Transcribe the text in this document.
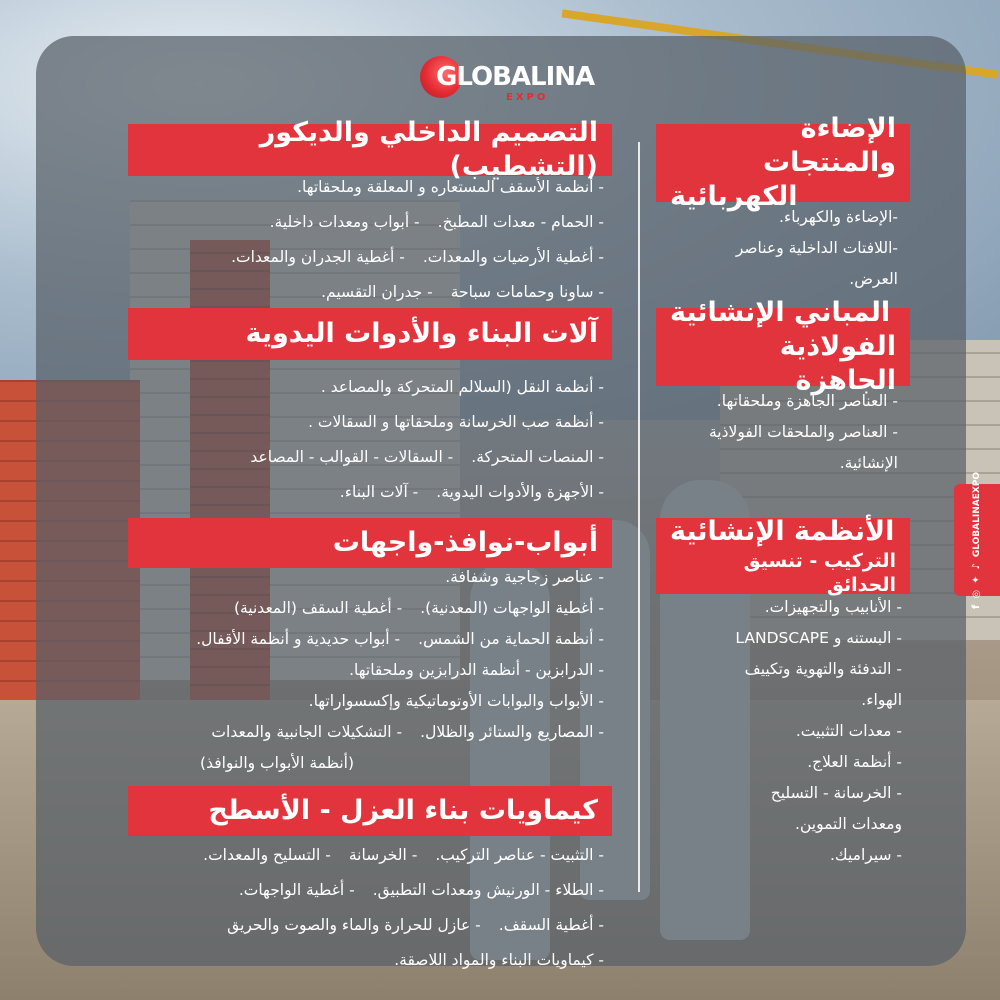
GLOBALINA
EXPO
الإضاءة والمنتجات
الكهربائية
-الإضاءة والكهرباء.
-اللافتات الداخلية وعناصر
العرض.
المباني الإنشائية
الفولاذية الجاهزة
- العناصر الجاهزة وملحقاتها.
- العناصر والملحقات الفولاذية
الإنشائية.
الأنظمة الإنشائية
التركيب - تنسيق الحدائق
- الأنابيب والتجهيزات.
- البستنه و LANDSCAPE
- التدفئة والتهوية وتكييف
الهواء.
- معدات التثبيت.
- أنظمة العلاج.
- الخرسانة - التسليح
ومعدات التموين.
- سيراميك.
التصميم الداخلي والديكور (التشطيب)
- أنظمة الأسقف المستعاره و المعلقة وملحقاتها.
- الحمام - معدات المطبخ.- أبواب ومعدات داخلية.
- أغطية الأرضيات والمعدات.- أغطية الجدران والمعدات.
- ساونا وحمامات سباحة- جدران التقسيم.
آلات البناء والأدوات اليدوية
- أنظمة النقل (السلالم المتحركة والمصاعد .
- أنظمة صب الخرسانة وملحقاتها و السقالات .
- المنصات المتحركة.- السقالات - القوالب - المصاعد
- الأجهزة والأدوات اليدوية.- آلات البناء.
أبواب-نوافذ-واجهات
- عناصر زجاجية وشفافة.
- أغطية الواجهات (المعدنية).- أغطية السقف (المعدنية)
- أنظمة الحماية من الشمس.- أبواب حديدية و أنظمة الأقفال.
- الدرابزين - أنظمة الدرابزين وملحقاتها.
- الأبواب والبوابات الأوتوماتيكية وإكسسواراتها.
- المصاريع والستائر والظلال.- التشكيلات الجانبية والمعدات
(أنظمة الأبواب والنوافذ)
كيماويات بناء العزل - الأسطح
- التثبيت - عناصر التركيب.- الخرسانة- التسليح والمعدات.
- الطلاء - الورنيش ومعدات التطبيق.- أغطية الواجهات.
- أغطية السقف.- عازل للحرارة والماء والصوت والحريق
- كيماويات البناء والمواد اللاصقة.
f
◎
✦
♪
GLOBALINAEXPO
